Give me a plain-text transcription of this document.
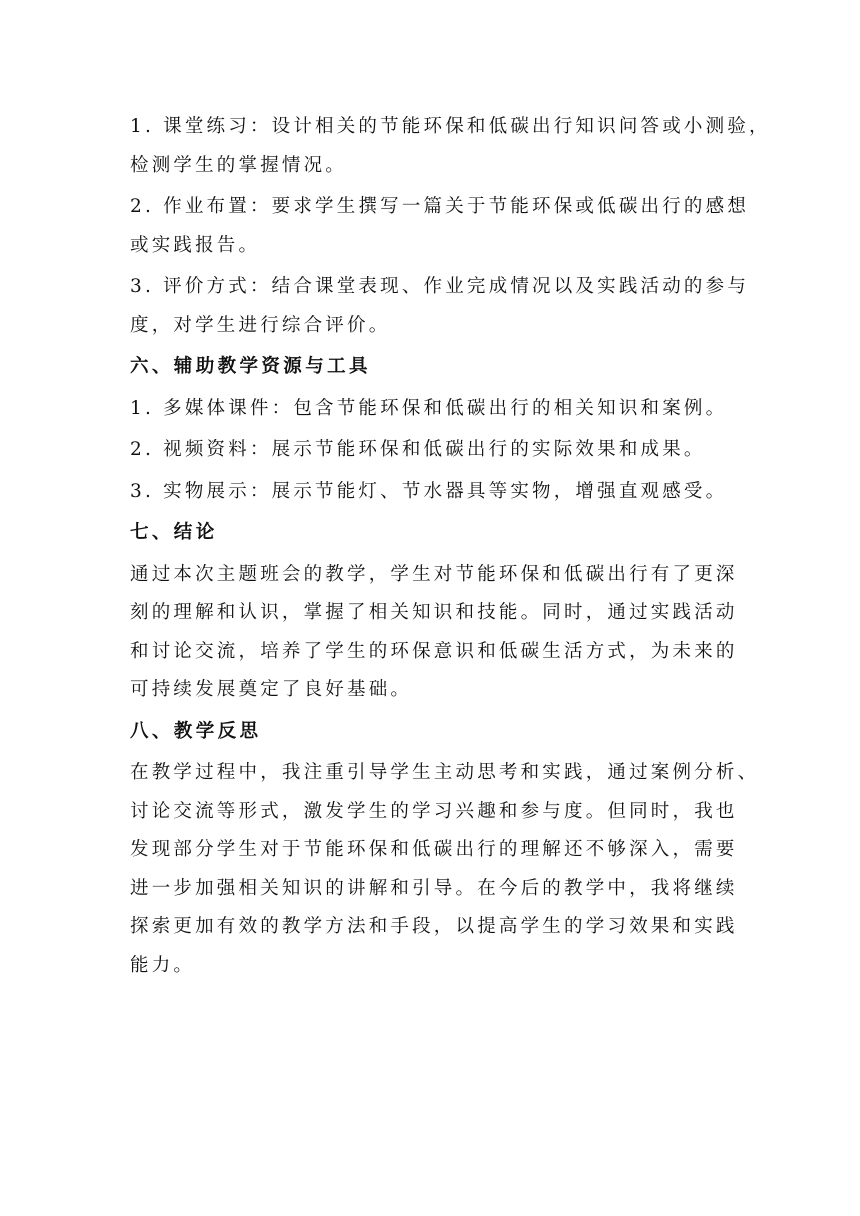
1. 课堂练习：设计相关的节能环保和低碳出行知识问答或小测验，

检测学生的掌握情况。

2. 作业布置：要求学生撰写一篇关于节能环保或低碳出行的感想

或实践报告。

3. 评价方式：结合课堂表现、作业完成情况以及实践活动的参与

度，对学生进行综合评价。

六、辅助教学资源与工具

1. 多媒体课件：包含节能环保和低碳出行的相关知识和案例。

2. 视频资料：展示节能环保和低碳出行的实际效果和成果。

3. 实物展示：展示节能灯、节水器具等实物，增强直观感受。

七、结论

通过本次主题班会的教学，学生对节能环保和低碳出行有了更深

刻的理解和认识，掌握了相关知识和技能。同时，通过实践活动

和讨论交流，培养了学生的环保意识和低碳生活方式，为未来的

可持续发展奠定了良好基础。

八、教学反思

在教学过程中，我注重引导学生主动思考和实践，通过案例分析、

讨论交流等形式，激发学生的学习兴趣和参与度。但同时，我也

发现部分学生对于节能环保和低碳出行的理解还不够深入，需要

进一步加强相关知识的讲解和引导。在今后的教学中，我将继续

探索更加有效的教学方法和手段，以提高学生的学习效果和实践

能力。
